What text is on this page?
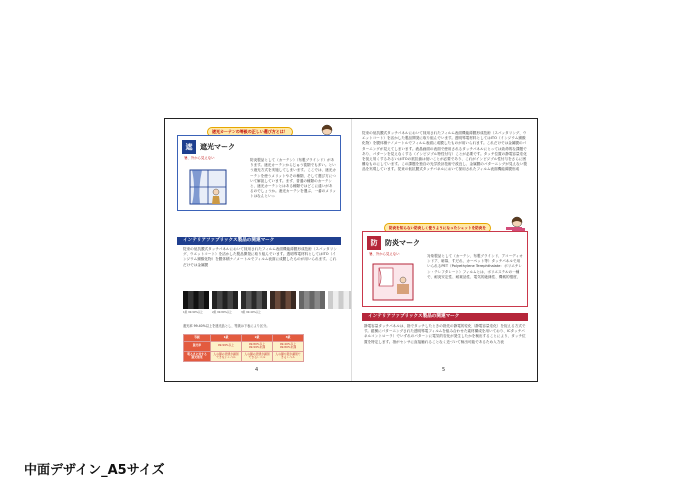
遮光カーテンの等級の正しい選び方とは！
遮 遮光マーク
暑、外から見えない	防炎製品として（カーテン）（布製ブラインド）があります。遮光カーテンからじゅう毯類でも多い。という遮光方式を実施してしまいます。ここでは、遮光カーテンを使うメリットやその種類、そして選び方について解説しています。まず、普通の種類のカーテンと、遮光カーテンとはある種類ではどこに違いがあるのでしょうか。遮光カーテンを選ぶ、一番のメリットはなんといっ
インテリアファブリックス製品の関連マーク
従来の低抗膜式タッチパネルにおいて採用されたフィルム表面機能薄膜形成技術（スパッタリング、ウエットコート）を活かした製品開発に取り組んでいます。透明導電材料としてはITO（インジウム錫酸化物）を膜体積ナノメートルでフィルム表面に成膜したものが用いられます。これだけでは金属膜
1級 99.99%以上	2級 99.80%以上	3級 99.40%以上
遮光率 99.40%以上を遮光品とし、等級は下表により区分。
等級	1級	2級	3級
遮光率	99.99%以上	99.80%以上 99.99%未満	99.40%以上 99.80%未満
明るさに対する遮光効果	人の顔の表情が識別できないレベル	人の顔の表情が識別できるレベル	人の顔や姿が識別できるレベル
4
従来の低抗膜式タッチパネルにおいて採用されたフィルム表面機能薄膜形成技術（スパッタリング、ウエットコート）を活かした製品開発に取り組んでいます。透明導電材料としてはITO（インジウム錫酸化物）を膜体積ナノメートルでフィルム表面に成膜したものが用いられます。これだけでは金属膜のパターニングが見えてしまいます。液晶画面の表面で使用されるタッチパネルにとっては致命的な課題であり、パターンを見えなくする（インビジブル特性付与）ことが必要です。タッチ位置の静電容量変化を捉え易くするあるいはITOの抵抗値は低いことが必要であり、これがインビジブル性付与をさらに困難なものにしています。この課題を独自の光学設計技術で改良し、金属膜のパターニングが見えない製品を実現しています。従来の低抗膜式タッチパネルにおいて採用されたフィルム表面機能薄膜形成
防炎を知らない防炎しく使うようになったシェットを防炎を
防 防炎マーク
暑、外から見えない	対象製品として（カーテン、布製ブラインド、アコーディオンドア、暗幕、すだれ、カーペット等）タッチパネルで用いられるPET（Polyethylene Terephthalate：ポリエチレン・テレフタレート）フィルムとは、ポリエステルの一種で、耐炎安定性、耐薬品性、電気的絶縁性、機械的強度、
インテリアファブリックス製品の関連マーク
静電容量タッチパネルは、指でタッチしたときの指先の静電的変化（静電容量変化）を捉える方式です。縦横にパターニングされた透明導電フィルムを組み合わせた素材構成を用いており、ICタッチパネルコントローラ）でいずれのパターンに電気的変化が発生したかを検出することにより、タッチ位置を特定します。指がセンサに直接触れることなく近づいて検出可能であるため入力表
5
中面デザイン_A5サイズ
